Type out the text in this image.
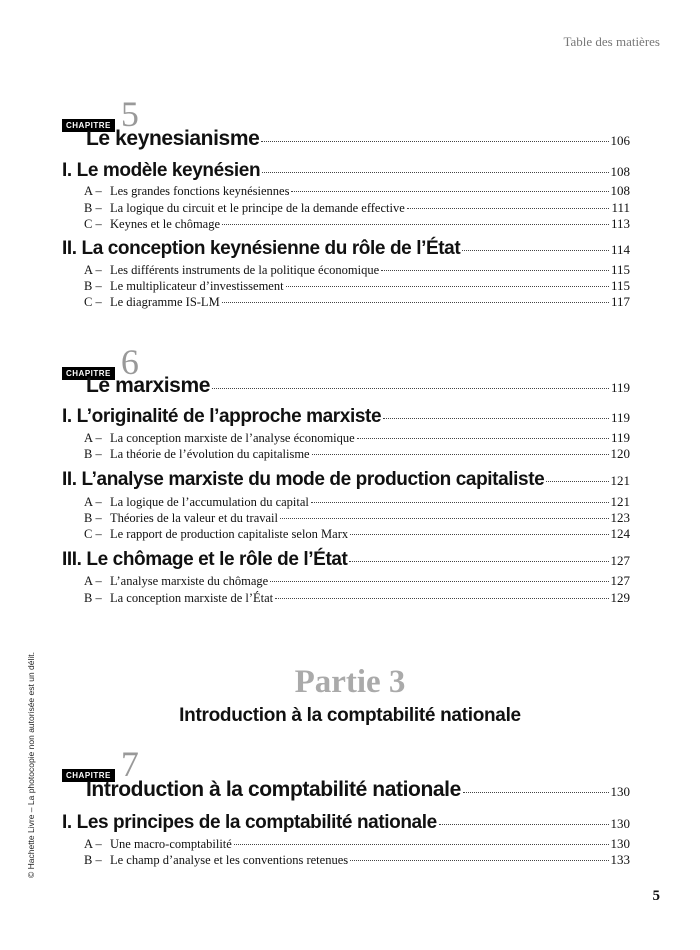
Table des matières
© Hachette Livre – La photocopie non autorisée est un délit.
5
CHAPITRE 5
Le keynesianisme	106
I. Le modèle keynésien	108
A – Les grandes fonctions keynésiennes	108
B – La logique du circuit et le principe de la demande effective	111
C – Keynes et le chômage	113
II. La conception keynésienne du rôle de l’État	114
A – Les différents instruments de la politique économique	115
B – Le multiplicateur d’investissement	115
C – Le diagramme IS-LM	117
CHAPITRE 6
Le marxisme	119
I. L’originalité de l’approche marxiste	119
A – La conception marxiste de l’analyse économique	119
B – La théorie de l’évolution du capitalisme	120
II. L’analyse marxiste du mode de production capitaliste	121
A – La logique de l’accumulation du capital	121
B – Théories de la valeur et du travail	123
C – Le rapport de production capitaliste selon Marx	124
III. Le chômage et le rôle de l’État	127
A – L’analyse marxiste du chômage	127
B – La conception marxiste de l’État	129
Partie 3
Introduction à la comptabilité nationale
CHAPITRE 7
Introduction à la comptabilité nationale	130
I. Les principes de la comptabilité nationale	130
A – Une macro-comptabilité	130
B – Le champ d’analyse et les conventions retenues	133
